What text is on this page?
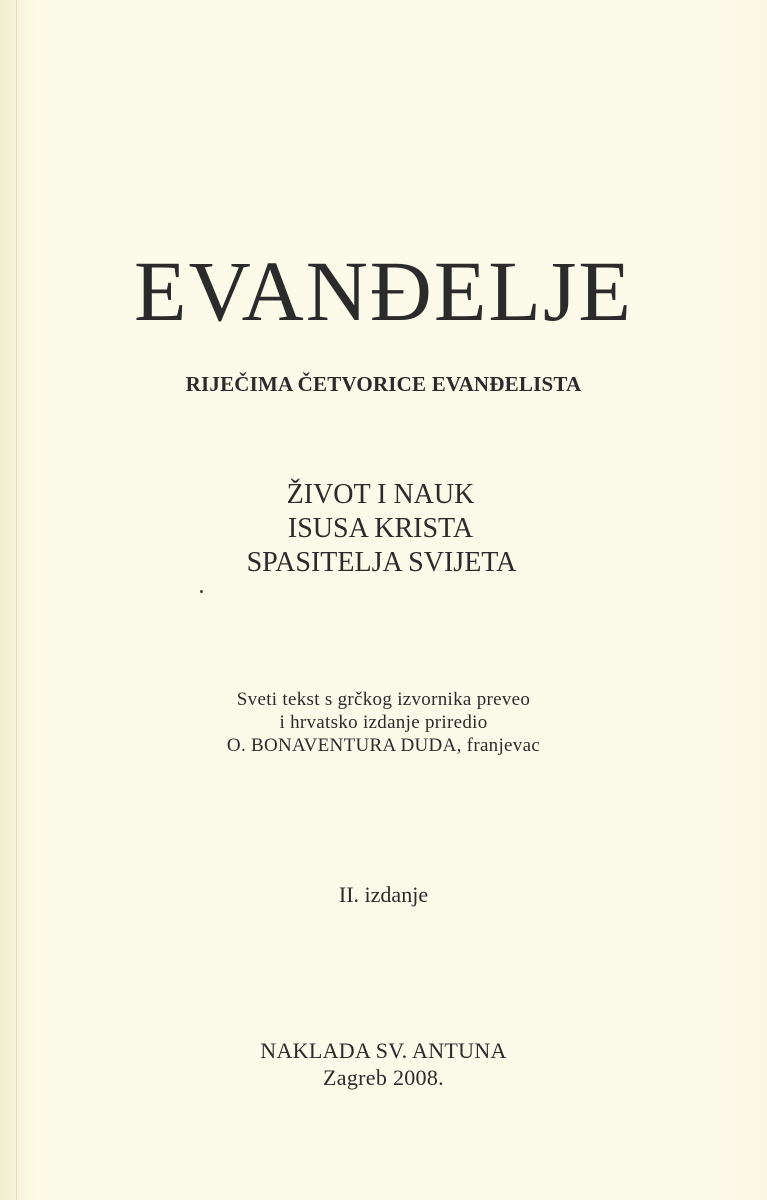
EVANĐELJE
RIJEČIMA ČETVORICE EVANĐELISTA
ŽIVOT I NAUK
ISUSA KRISTA
SPASITELJA SVIJETA
Sveti tekst s grčkog izvornika preveo
i hrvatsko izdanje priredio
O. BONAVENTURA DUDA, franjevac
II. izdanje
NAKLADA SV. ANTUNA
Zagreb 2008.
